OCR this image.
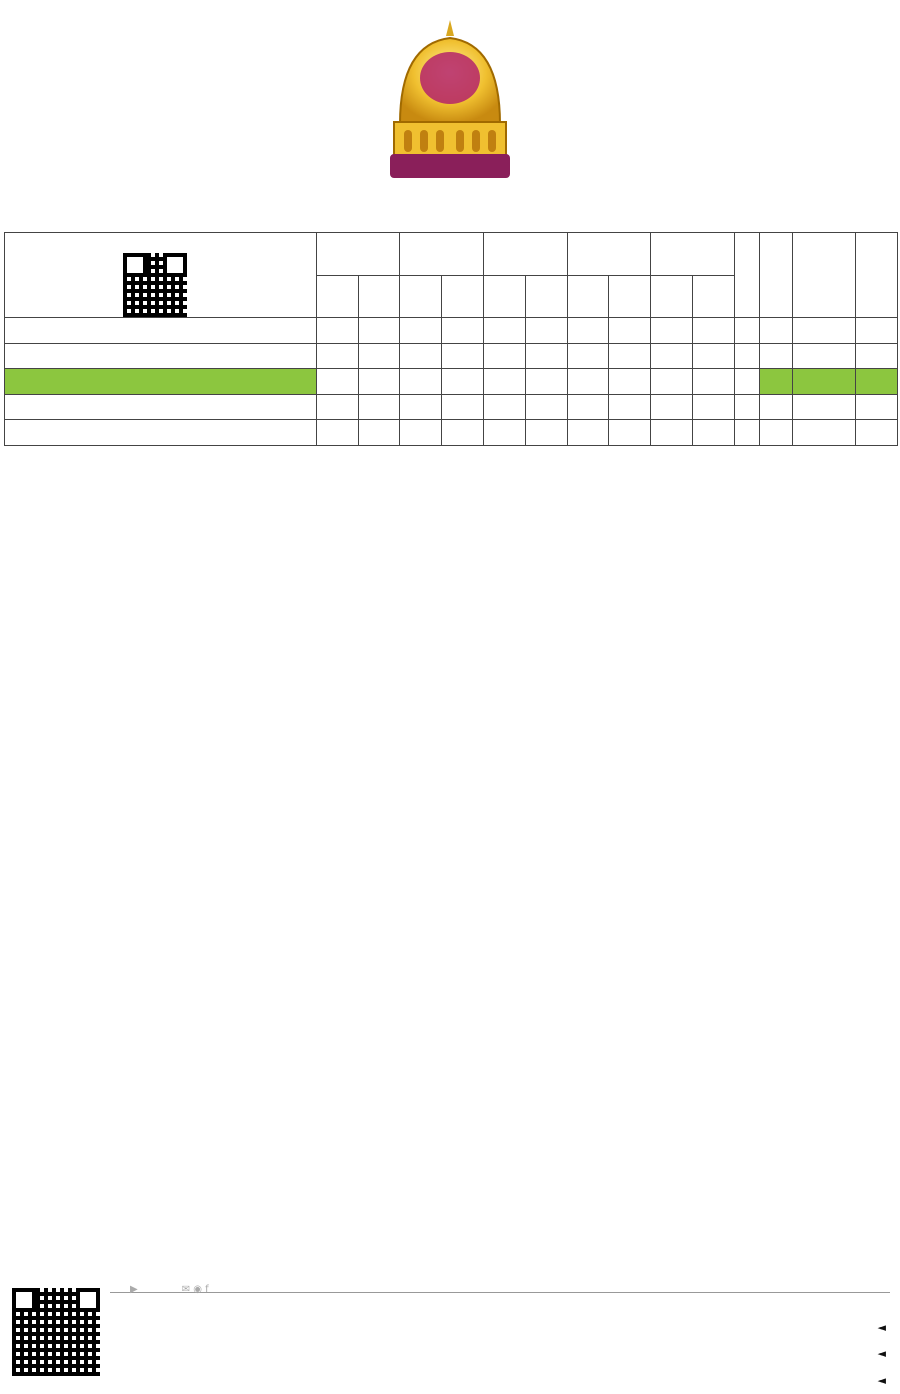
▶	✉ ◉ f
◄
◄
◄
